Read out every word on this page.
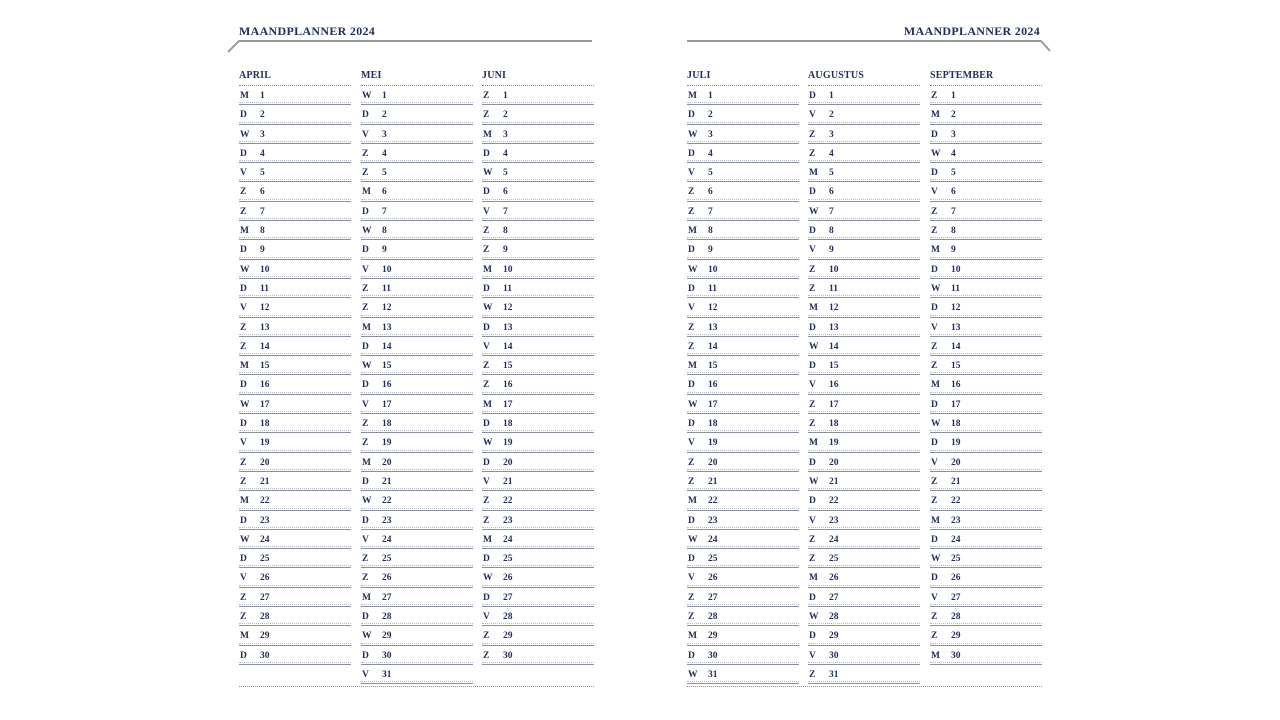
MAANDPLANNER 2024
APRIL
M 1
D 2
W 3
D 4
V 5
Z 6
Z 7
M 8
D 9
W 10
D 11
V 12
Z 13
Z 14
M 15
D 16
W 17
D 18
V 19
Z 20
Z 21
M 22
D 23
W 24
D 25
V 26
Z 27
Z 28
M 29
D 30
MEI
W 1
D 2
V 3
Z 4
Z 5
M 6
D 7
W 8
D 9
V 10
Z 11
Z 12
M 13
D 14
W 15
D 16
V 17
Z 18
Z 19
M 20
D 21
W 22
D 23
V 24
Z 25
Z 26
M 27
D 28
W 29
D 30
V 31
JUNI
Z 1
Z 2
M 3
D 4
W 5
D 6
V 7
Z 8
Z 9
M 10
D 11
W 12
D 13
V 14
Z 15
Z 16
M 17
D 18
W 19
D 20
V 21
Z 22
Z 23
M 24
D 25
W 26
D 27
V 28
Z 29
Z 30
MAANDPLANNER 2024
JULI
M 1
D 2
W 3
D 4
V 5
Z 6
Z 7
M 8
D 9
W 10
D 11
V 12
Z 13
Z 14
M 15
D 16
W 17
D 18
V 19
Z 20
Z 21
M 22
D 23
W 24
D 25
V 26
Z 27
Z 28
M 29
D 30
W 31
AUGUSTUS
D 1
V 2
Z 3
Z 4
M 5
D 6
W 7
D 8
V 9
Z 10
Z 11
M 12
D 13
W 14
D 15
V 16
Z 17
Z 18
M 19
D 20
W 21
D 22
V 23
Z 24
Z 25
M 26
D 27
W 28
D 29
V 30
Z 31
SEPTEMBER
Z 1
M 2
D 3
W 4
D 5
V 6
Z 7
Z 8
M 9
D 10
W 11
D 12
V 13
Z 14
Z 15
M 16
D 17
W 18
D 19
V 20
Z 21
Z 22
M 23
D 24
W 25
D 26
V 27
Z 28
Z 29
M 30
